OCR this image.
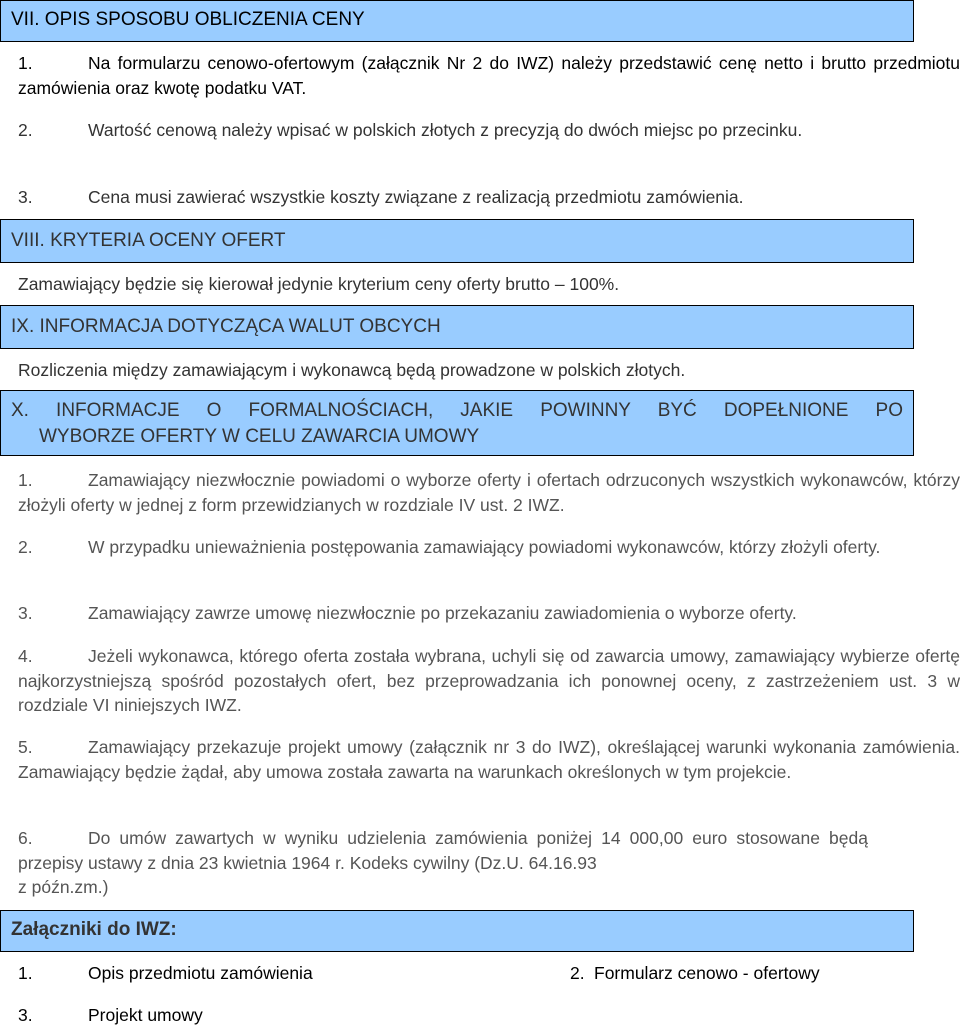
VII. OPIS SPOSOBU OBLICZENIA CENY
1.	Na formularzu cenowo-ofertowym (załącznik Nr 2 do IWZ) należy przedstawić cenę netto i brutto przedmiotu zamówienia oraz kwotę podatku VAT.
2.	Wartość cenową należy wpisać w polskich złotych z precyzją do dwóch miejsc po przecinku.
3.	Cena musi zawierać wszystkie koszty związane z realizacją przedmiotu zamówienia.
VIII. KRYTERIA OCENY OFERT
Zamawiający będzie się kierował jedynie kryterium ceny oferty brutto – 100%.
IX. INFORMACJA DOTYCZĄCA WALUT OBCYCH
Rozliczenia między zamawiającym i wykonawcą będą prowadzone w polskich złotych.
X. INFORMACJE O FORMALNOŚCIACH, JAKIE POWINNY BYĆ DOPEŁNIONE PO
WYBORZE OFERTY W CELU ZAWARCIA UMOWY
1.	Zamawiający niezwłocznie powiadomi o wyborze oferty i ofertach odrzuconych wszystkich wykonawców, którzy złożyli oferty w jednej z form przewidzianych w rozdziale IV ust. 2 IWZ.
2.	W przypadku unieważnienia postępowania zamawiający powiadomi wykonawców, którzy złożyli oferty.
3.	Zamawiający zawrze umowę niezwłocznie po przekazaniu zawiadomienia o wyborze oferty.
4.	Jeżeli wykonawca, którego oferta została wybrana, uchyli się od zawarcia umowy, zamawiający wybierze ofertę najkorzystniejszą spośród pozostałych ofert, bez przeprowadzania ich ponownej oceny, z zastrzeżeniem ust. 3 w rozdziale VI niniejszych IWZ.
5.	Zamawiający przekazuje projekt umowy (załącznik nr 3 do IWZ), określającej warunki wykonania zamówienia. Zamawiający będzie żądał, aby umowa została zawarta na warunkach określonych w tym projekcie.
6.	Do umów zawartych w wyniku udzielenia zamówienia poniżej 14 000,00 euro stosowane będą przepisy ustawy z dnia 23 kwietnia 1964 r. Kodeks cywilny (Dz.U. 64.16.93
z późn.zm.)
Załączniki do IWZ:
1.	Opis przedmiotu zamówienia	2. Formularz cenowo - ofertowy
3.	Projekt umowy
